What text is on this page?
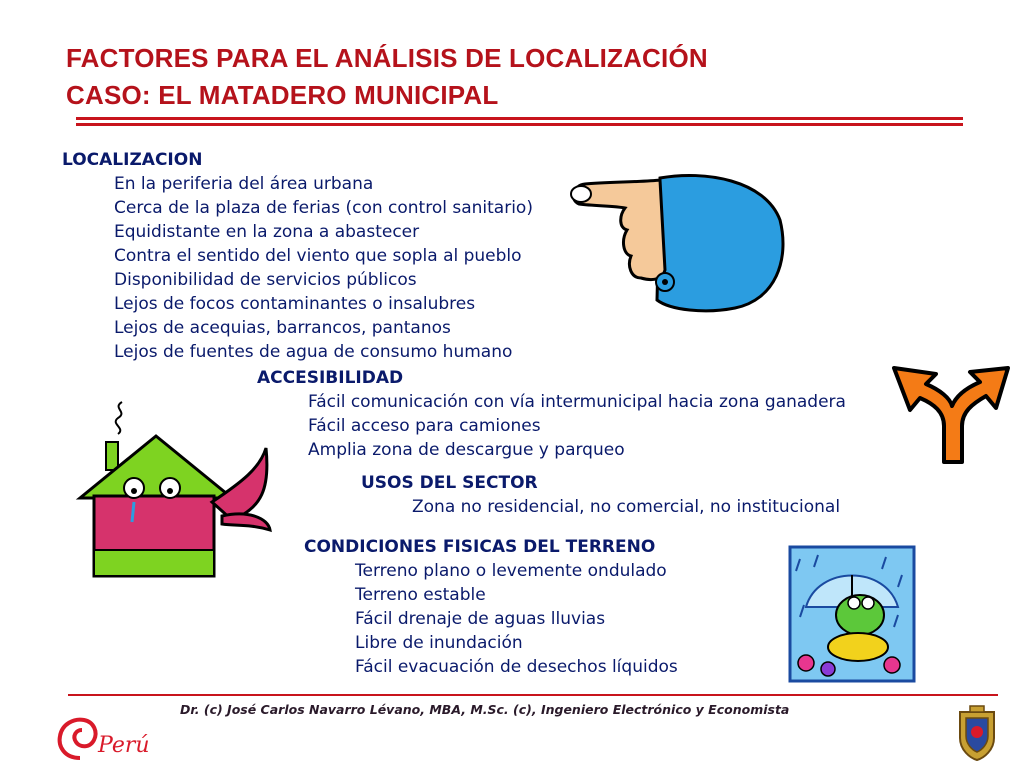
FACTORES PARA EL ANÁLISIS DE LOCALIZACIÓN
CASO: EL MATADERO MUNICIPAL
LOCALIZACION
En la periferia del área urbana
Cerca de la plaza de ferias (con control sanitario)
Equidistante en la zona a abastecer
Contra el sentido del viento que sopla al pueblo
Disponibilidad de servicios públicos
Lejos de focos contaminantes o insalubres
Lejos de acequias, barrancos, pantanos
Lejos de fuentes de agua de consumo humano
ACCESIBILIDAD
Fácil comunicación con vía intermunicipal hacia zona ganadera
Fácil acceso para camiones
Amplia zona de descargue y parqueo
USOS DEL SECTOR
Zona no residencial, no comercial, no institucional
CONDICIONES FISICAS DEL TERRENO
Terreno plano o levemente ondulado
Terreno estable
Fácil drenaje de aguas lluvias
Libre de inundación
Fácil evacuación de desechos líquidos
Dr. (c) José Carlos Navarro Lévano, MBA, M.Sc. (c), Ingeniero Electrónico y Economista
Perú
